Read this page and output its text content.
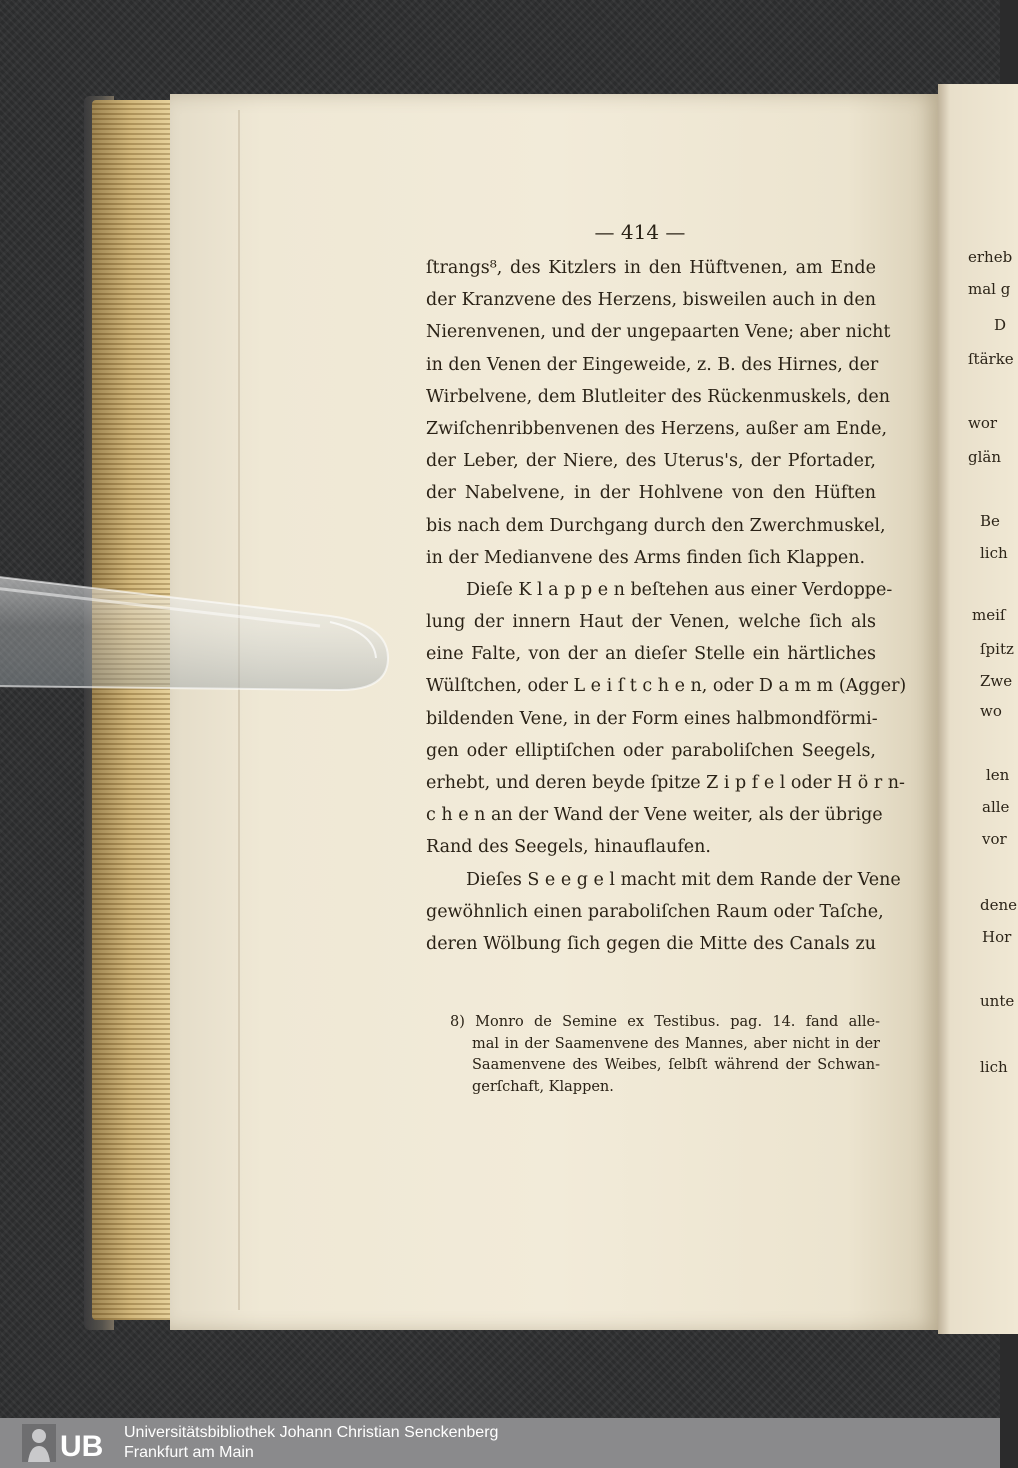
erheb
mal g
D
ſtärke
wor
glän
Be
lich
meiſ
ſpitz
Zwe
wo
len
alle
vor
dene
Hor
unte
lich
— 414 —
ſtrangs⁸, des Kitzlers in den Hüftvenen, am Ende
der Kranzvene des Herzens, bisweilen auch in den
Nierenvenen, und der ungepaarten Vene; aber nicht
in den Venen der Eingeweide, z. B. des Hirnes, der
Wirbelvene, dem Blutleiter des Rückenmuskels, den
Zwiſchenribbenvenen des Herzens, außer am Ende,
der Leber, der Niere, des Uterus's, der Pfortader,
der Nabelvene, in der Hohlvene von den Hüften
bis nach dem Durchgang durch den Zwerchmuskel,
in der Medianvene des Arms finden ſich Klappen.
Dieſe K l a p p e n beſtehen aus einer Verdoppe-
lung der innern Haut der Venen, welche ſich als
eine Falte, von der an dieſer Stelle ein härtliches
Wülſtchen, oder L e i ſ t c h e n, oder D a m m (Agger)
bildenden Vene, in der Form eines halbmondförmi-
gen oder elliptiſchen oder paraboliſchen Seegels,
erhebt, und deren beyde ſpitze Z i p f e l oder H ö r n-
c h e n an der Wand der Vene weiter, als der übrige
Rand des Seegels, hinauflaufen.
Dieſes S e e g e l macht mit dem Rande der Vene
gewöhnlich einen paraboliſchen Raum oder Taſche,
deren Wölbung ſich gegen die Mitte des Canals zu
8) Monro de Semine ex Testibus. pag. 14. fand alle-
mal in der Saamenvene des Mannes, aber nicht in der
Saamenvene des Weibes, ſelbſt während der Schwan-
gerſchaft, Klappen.
UB Universitätsbibliothek Johann Christian Senckenberg
Frankfurt am Main
